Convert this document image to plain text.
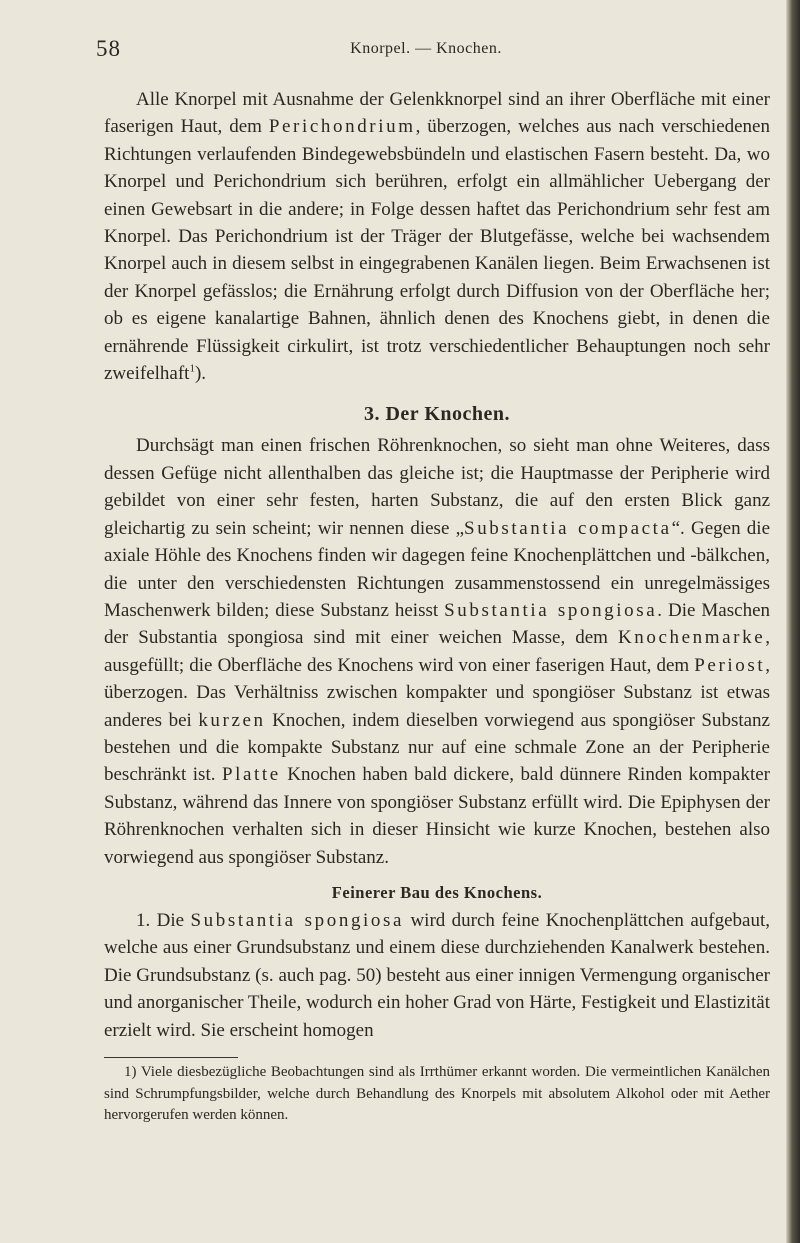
58	Knorpel. — Knochen.

Alle Knorpel mit Ausnahme der Gelenkknorpel sind an ihrer Oberfläche mit einer faserigen Haut, dem Perichondrium, überzogen, welches aus nach verschiedenen Richtungen verlaufenden Bindegewebsbündeln und elastischen Fasern besteht. Da, wo Knorpel und Perichondrium sich berühren, erfolgt ein allmählicher Uebergang der einen Gewebsart in die andere; in Folge dessen haftet das Perichondrium sehr fest am Knorpel. Das Perichondrium ist der Träger der Blutgefässe, welche bei wachsendem Knorpel auch in diesem selbst in eingegrabenen Kanälen liegen. Beim Erwachsenen ist der Knorpel gefässlos; die Ernährung erfolgt durch Diffusion von der Oberfläche her; ob es eigene kanalartige Bahnen, ähnlich denen des Knochens giebt, in denen die ernährende Flüssigkeit cirkulirt, ist trotz verschiedentlicher Behauptungen noch sehr zweifelhaft$^1$).

3. Der Knochen.

Durchsägt man einen frischen Röhrenknochen, so sieht man ohne Weiteres, dass dessen Gefüge nicht allenthalben das gleiche ist; die Hauptmasse der Peripherie wird gebildet von einer sehr festen, harten Substanz, die auf den ersten Blick ganz gleichartig zu sein scheint; wir nennen diese „Substantia compacta“. Gegen die axiale Höhle des Knochens finden wir dagegen feine Knochenplättchen und -bälkchen, die unter den verschiedensten Richtungen zusammenstossend ein unregelmässiges Maschenwerk bilden; diese Substanz heisst Substantia spongiosa. Die Maschen der Substantia spongiosa sind mit einer weichen Masse, dem Knochenmarke, ausgefüllt; die Oberfläche des Knochens wird von einer faserigen Haut, dem Periost, überzogen. Das Verhältniss zwischen kompakter und spongiöser Substanz ist etwas anderes bei kurzen Knochen, indem dieselben vorwiegend aus spongiöser Substanz bestehen und die kompakte Substanz nur auf eine schmale Zone an der Peripherie beschränkt ist. Platte Knochen haben bald dickere, bald dünnere Rinden kompakter Substanz, während das Innere von spongiöser Substanz erfüllt wird. Die Epiphysen der Röhrenknochen verhalten sich in dieser Hinsicht wie kurze Knochen, bestehen also vorwiegend aus spongiöser Substanz.

Feinerer Bau des Knochens.

1. Die Substantia spongiosa wird durch feine Knochenplättchen aufgebaut, welche aus einer Grundsubstanz und einem diese durchziehenden Kanalwerk bestehen. Die Grundsubstanz (s. auch pag. 50) besteht aus einer innigen Vermengung organischer und anorganischer Theile, wodurch ein hoher Grad von Härte, Festigkeit und Elastizität erzielt wird. Sie erscheint homogen

1) Viele diesbezügliche Beobachtungen sind als Irrthümer erkannt worden. Die vermeintlichen Kanälchen sind Schrumpfungsbilder, welche durch Behandlung des Knorpels mit absolutem Alkohol oder mit Aether hervorgerufen werden können.
